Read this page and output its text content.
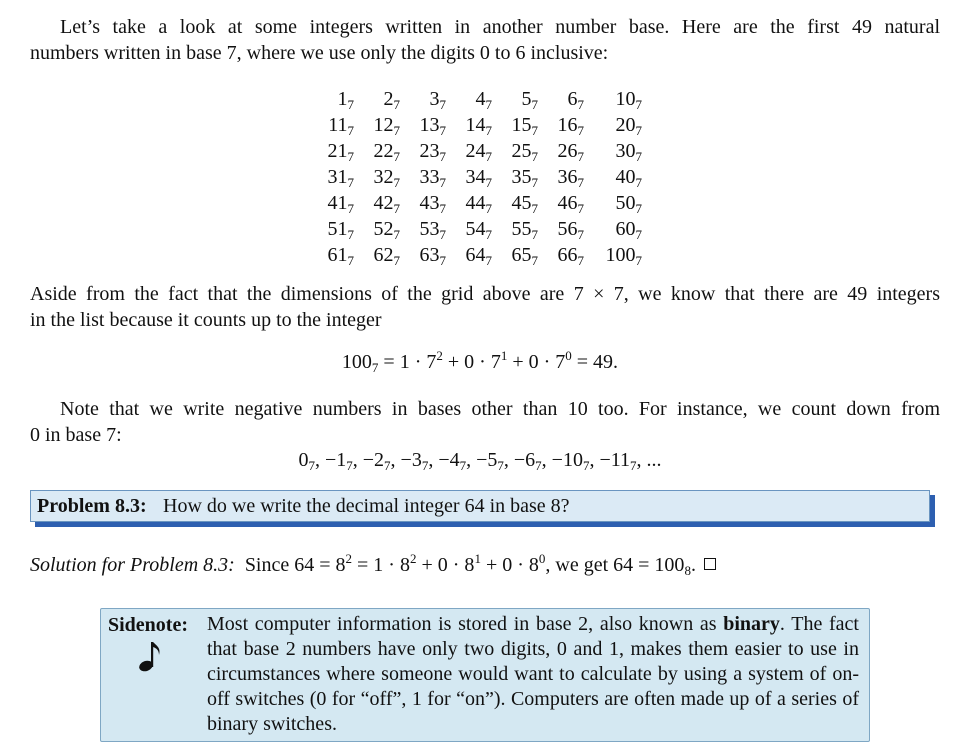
Let’s take a look at some integers written in another number base. Here are the first 49 natural

numbers written in base 7, where we use only the digits 0 to 6 inclusive:

$1_7$	$2_7$	$3_7$	$4_7$	$5_7$	$6_7$	$10_7$
$11_7$	$12_7$	$13_7$	$14_7$	$15_7$	$16_7$	$20_7$
$21_7$	$22_7$	$23_7$	$24_7$	$25_7$	$26_7$	$30_7$
$31_7$	$32_7$	$33_7$	$34_7$	$35_7$	$36_7$	$40_7$
$41_7$	$42_7$	$43_7$	$44_7$	$45_7$	$46_7$	$50_7$
$51_7$	$52_7$	$53_7$	$54_7$	$55_7$	$56_7$	$60_7$
$61_7$	$62_7$	$63_7$	$64_7$	$65_7$	$66_7$	$100_7$

Aside from the fact that the dimensions of the grid above are 7 × 7, we know that there are 49 integers

in the list because it counts up to the integer

$100_7 = 1 \cdot 7^2 + 0 \cdot 7^1 + 0 \cdot 7^0 = 49$.

Note that we write negative numbers in bases other than 10 too. For instance, we count down from

0 in base 7:

$0_7$, $-1_7$, $-2_7$, $-3_7$, $-4_7$, $-5_7$, $-6_7$, $-10_7$, $-11_7$, ...
Problem 8.3: How do we write the decimal integer 64 in base 8?
Solution for Problem 8.3: Since $64 = 8^2 = 1 \cdot 8^2 + 0 \cdot 8^1 + 0 \cdot 8^0$, we get $64 = 100_8$.
Sidenote: Most computer information is stored in base 2, also known as binary. The fact that base 2 numbers have only two digits, 0 and 1, makes them easier to use in circumstances where someone would want to calculate by using a system of on-off switches (0 for “off”, 1 for “on”). Computers are often made up of a series of binary switches.
